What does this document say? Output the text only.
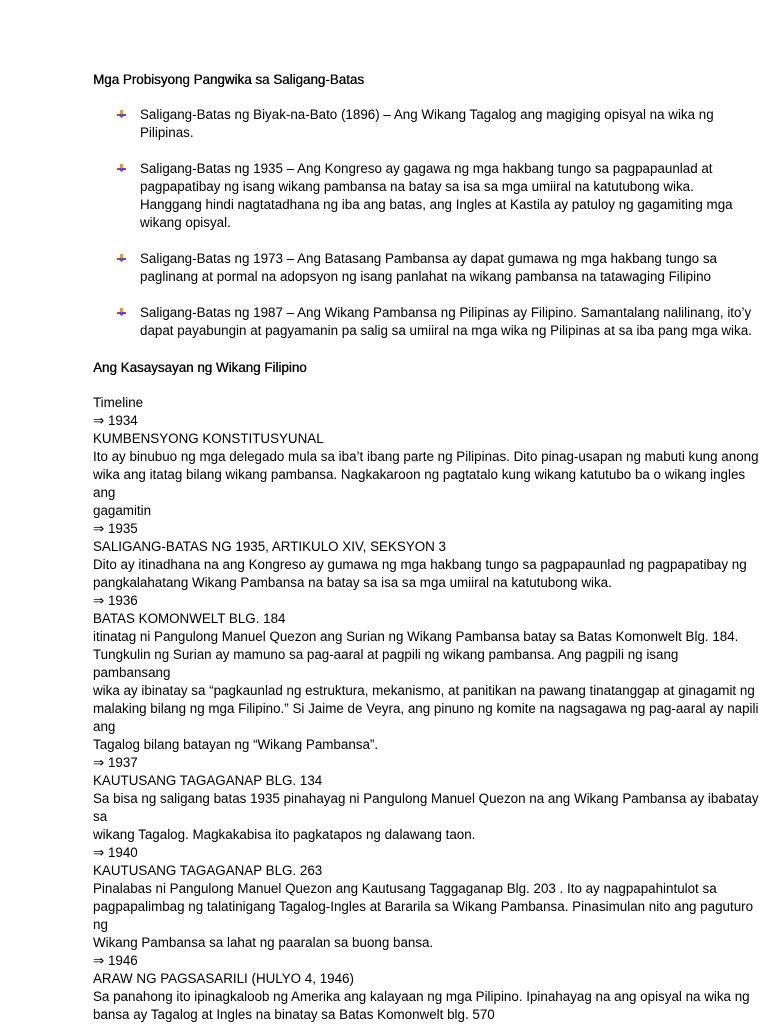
Mga Probisyong Pangwika sa Saligang-Batas
Saligang-Batas ng Biyak-na-Bato (1896) – Ang Wikang Tagalog ang magiging opisyal na wika ng Pilipinas.
Saligang-Batas ng 1935 – Ang Kongreso ay gagawa ng mga hakbang tungo sa pagpapaunlad at pagpapatibay ng isang wikang pambansa na batay sa isa sa mga umiiral na katutubong wika. Hanggang hindi nagtatadhana ng iba ang batas, ang Ingles at Kastila ay patuloy ng gagamiting mga wikang opisyal.
Saligang-Batas ng 1973 – Ang Batasang Pambansa ay dapat gumawa ng mga hakbang tungo sa paglinang at pormal na adopsyon ng isang panlahat na wikang pambansa na tatawaging Filipino
Saligang-Batas ng 1987 – Ang Wikang Pambansa ng Pilipinas ay Filipino. Samantalang nalilinang, ito’y dapat payabungin at pagyamanin pa salig sa umiiral na mga wika ng Pilipinas at sa iba pang mga wika.
Ang Kasaysayan ng Wikang Filipino
Timeline
⇒ 1934
KUMBENSYONG KONSTITUSYUNAL
Ito ay binubuo ng mga delegado mula sa iba’t ibang parte ng Pilipinas. Dito pinag-usapan ng mabuti kung anong
wika ang itatag bilang wikang pambansa. Nagkakaroon ng pagtatalo kung wikang katutubo ba o wikang ingles ang
gagamitin
⇒ 1935
SALIGANG-BATAS NG 1935, ARTIKULO XIV, SEKSYON 3
Dito ay itinadhana na ang Kongreso ay gumawa ng mga hakbang tungo sa pagpapaunlad ng pagpapatibay ng
pangkalahatang Wikang Pambansa na batay sa isa sa mga umiiral na katutubong wika.
⇒ 1936
BATAS KOMONWELT BLG. 184
itinatag ni Pangulong Manuel Quezon ang Surian ng Wikang Pambansa batay sa Batas Komonwelt Blg. 184.
Tungkulin ng Surian ay mamuno sa pag-aaral at pagpili ng wikang pambansa. Ang pagpili ng isang pambansang
wika ay ibinatay sa “pagkaunlad ng estruktura, mekanismo, at panitikan na pawang tinatanggap at ginagamit ng
malaking bilang ng mga Filipino.” Si Jaime de Veyra, ang pinuno ng komite na nagsagawa ng pag-aaral ay napili ang
Tagalog bilang batayan ng “Wikang Pambansa”.
⇒ 1937
KAUTUSANG TAGAGANAP BLG. 134
Sa bisa ng saligang batas 1935 pinahayag ni Pangulong Manuel Quezon na ang Wikang Pambansa ay ibabatay sa
wikang Tagalog. Magkakabisa ito pagkatapos ng dalawang taon.
⇒ 1940
KAUTUSANG TAGAGANAP BLG. 263
Pinalabas ni Pangulong Manuel Quezon ang Kautusang Taggaganap Blg. 203 . Ito ay nagpapahintulot sa
pagpapalimbag ng talatinigang Tagalog-Ingles at Bararila sa Wikang Pambansa. Pinasimulan nito ang paguturo ng
Wikang Pambansa sa lahat ng paaralan sa buong bansa.
⇒ 1946
ARAW NG PAGSASARILI (HULYO 4, 1946)
Sa panahong ito ipinagkaloob ng Amerika ang kalayaan ng mga Pilipino. Ipinahayag na ang opisyal na wika ng
bansa ay Tagalog at Ingles na binatay sa Batas Komonwelt blg. 570
